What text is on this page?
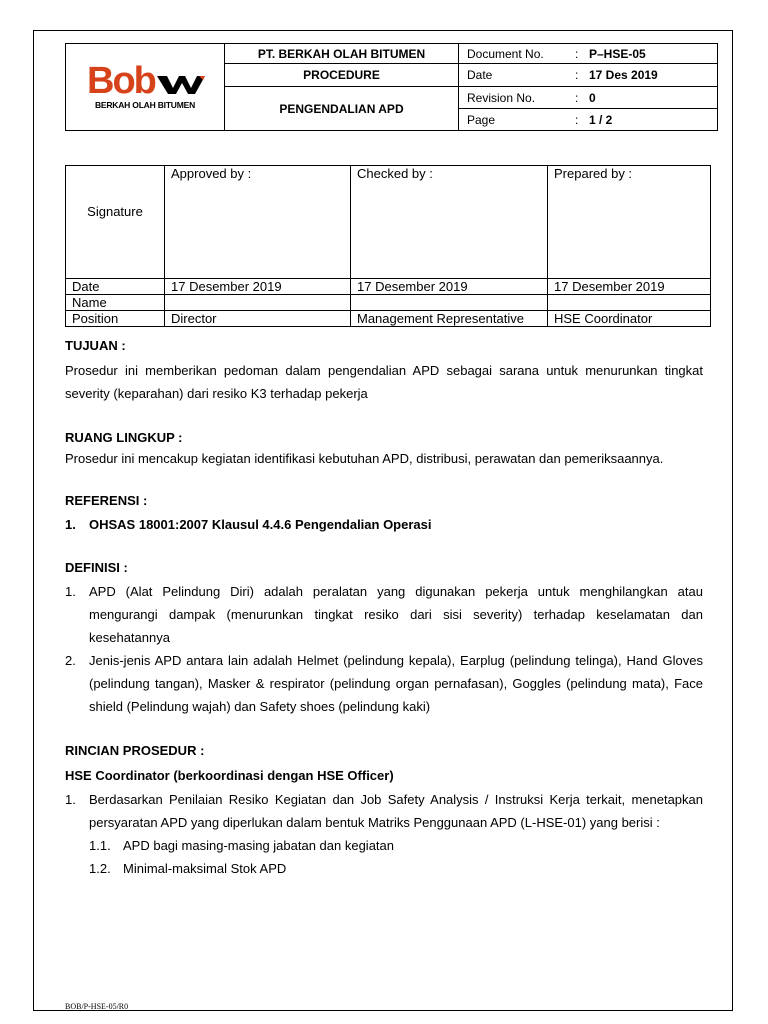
Bob
BERKAH OLAH BITUMEN	PT. BERKAH OLAH BITUMEN	Document No.	:	P–HSE-05
	PROCEDURE	Date	:	17 Des 2019
	PENGENDALIAN APD	Revision No.	:	0
		Page	:	1 / 2
Signature	Approved by :	Checked by :	Prepared by :
Date	17 Desember 2019	17 Desember 2019	17 Desember 2019
Name			
Position	Director	Management Representative	HSE Coordinator

TUJUAN :

Prosedur ini memberikan pedoman dalam pengendalian APD sebagai sarana untuk menurunkan tingkat severity (keparahan) dari resiko K3 terhadap pekerja

RUANG LINGKUP :

Prosedur ini mencakup kegiatan identifikasi kebutuhan APD, distribusi, perawatan dan pemeriksaannya.

REFERENSI :

1. OHSAS 18001:2007 Klausul 4.4.6 Pengendalian Operasi

DEFINISI :

1. APD (Alat Pelindung Diri) adalah peralatan yang digunakan pekerja untuk menghilangkan atau mengurangi dampak (menurunkan tingkat resiko dari sisi severity) terhadap keselamatan dan kesehatannya
2. Jenis-jenis APD antara lain adalah Helmet (pelindung kepala), Earplug (pelindung telinga), Hand Gloves (pelindung tangan), Masker & respirator (pelindung organ pernafasan), Goggles (pelindung mata), Face shield (Pelindung wajah) dan Safety shoes (pelindung kaki)

RINCIAN PROSEDUR :

HSE Coordinator (berkoordinasi dengan HSE Officer)

1. Berdasarkan Penilaian Resiko Kegiatan dan Job Safety Analysis / Instruksi Kerja terkait, menetapkan persyaratan APD yang diperlukan dalam bentuk Matriks Penggunaan APD (L-HSE-01) yang berisi :
1.1. APD bagi masing-masing jabatan dan kegiatan
1.2. Minimal-maksimal Stok APD
BOB/P-HSE-05/R0
